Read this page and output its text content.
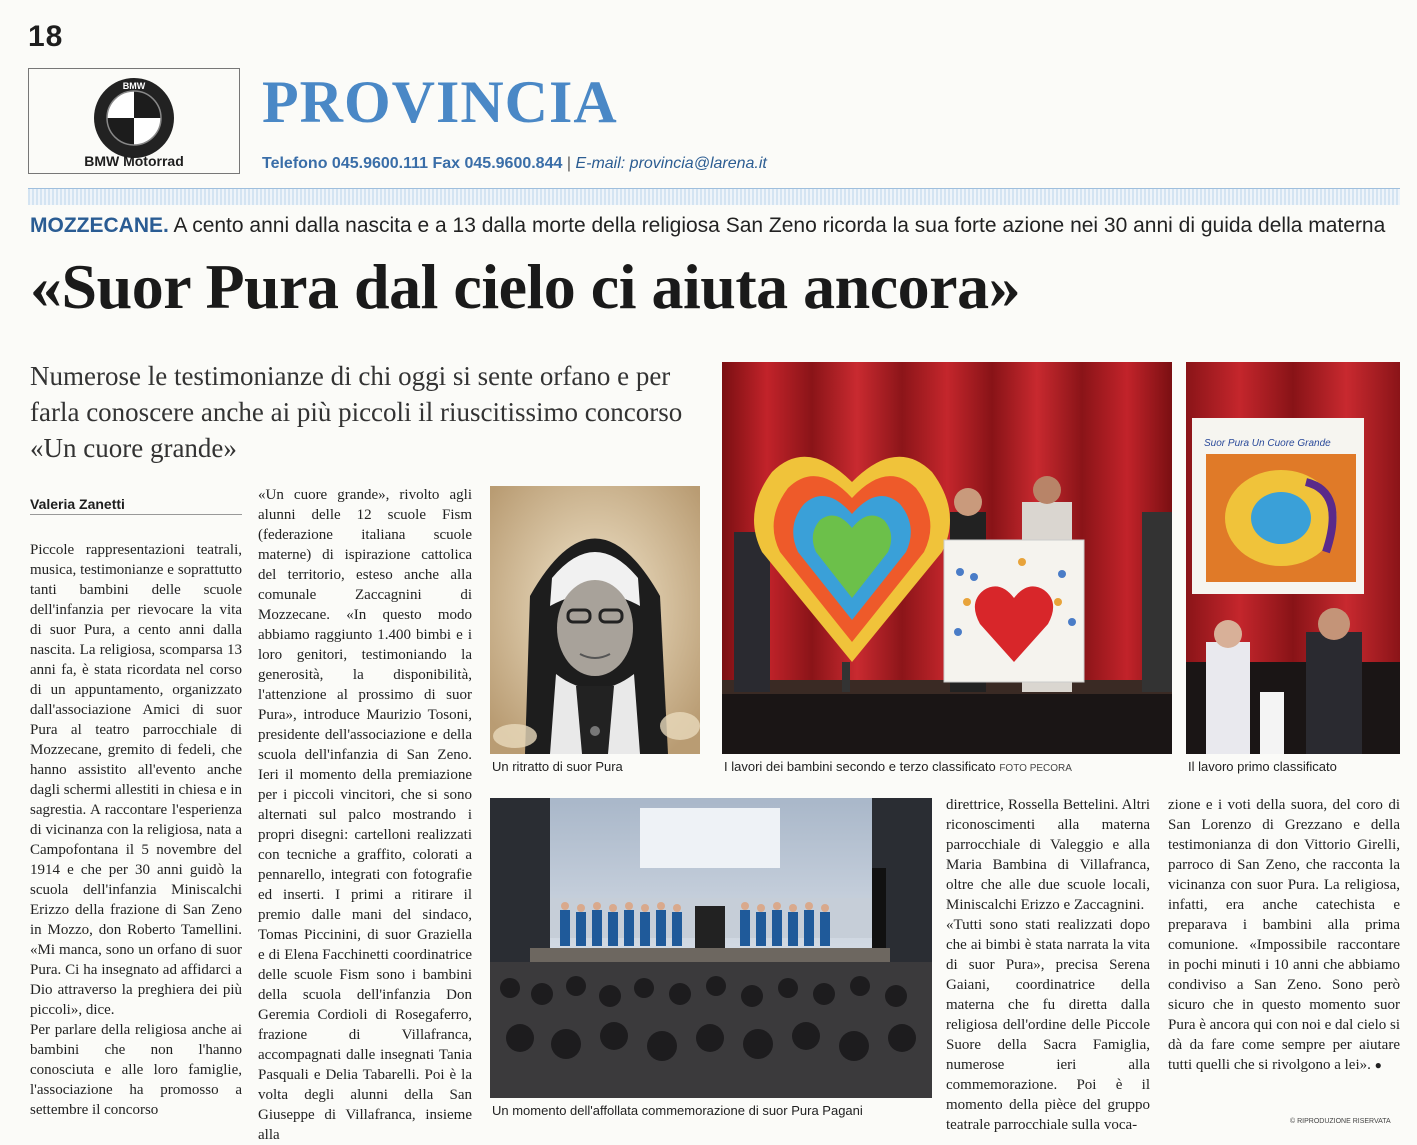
18
BMW
BMW Motorrad
PROVINCIA
Telefono 045.9600.111 Fax 045.9600.844 | E-mail: provincia@larena.it
MOZZECANE. A cento anni dalla nascita e a 13 dalla morte della religiosa San Zeno ricorda la sua forte azione nei 30 anni di guida della materna
«Suor Pura dal cielo ci aiuta ancora»
Numerose le testimonianze di chi oggi si sente orfano e per farla conoscere anche ai più piccoli il riuscitissimo concorso «Un cuore grande»
Valeria Zanetti

Piccole rappresentazioni teatrali, musica, testimonianze e soprattutto tanti bambini delle scuole dell'infanzia per rievocare la vita di suor Pura, a cento anni dalla nascita. La religiosa, scomparsa 13 anni fa, è stata ricordata nel corso di un appuntamento, organizzato dall'associazione Amici di suor Pura al teatro parrocchiale di Mozzecane, gremito di fedeli, che hanno assistito all'evento anche dagli schermi allestiti in chiesa e in sagrestia. A raccontare l'esperienza di vicinanza con la religiosa, nata a Campofontana il 5 novembre del 1914 e che per 30 anni guidò la scuola dell'infanzia Miniscalchi Erizzo della frazione di San Zeno in Mozzo, don Roberto Tamellini. «Mi manca, sono un orfano di suor Pura. Ci ha insegnato ad affidarci a Dio attraverso la preghiera dei più piccoli», dice.

Per parlare della religiosa anche ai bambini che non l'hanno conosciuta e alle loro famiglie, l'associazione ha promosso a settembre il concorso

«Un cuore grande», rivolto agli alunni delle 12 scuole Fism (federazione italiana scuole materne) di ispirazione cattolica del territorio, esteso anche alla comunale Zaccagnini di Mozzecane. «In questo modo abbiamo raggiunto 1.400 bimbi e i loro genitori, testimoniando la generosità, la disponibilità, l'attenzione al prossimo di suor Pura», introduce Maurizio Tosoni, presidente dell'associazione e della scuola dell'infanzia di San Zeno. Ieri il momento della premiazione per i piccoli vincitori, che si sono alternati sul palco mostrando i propri disegni: cartelloni realizzati con tecniche a graffito, colorati a pennarello, integrati con fotografie ed inserti. I primi a ritirare il premio dalle mani del sindaco, Tomas Piccinini, di suor Graziella e di Elena Facchinetti coordinatrice delle scuole Fism sono i bambini della scuola dell'infanzia Don Geremia Cordioli di Rosegaferro, frazione di Villafranca, accompagnati dalle insegnati Tania Pasquali e Delia Tabarelli. Poi è la volta degli alunni della San Giuseppe di Villafranca, insieme alla

direttrice, Rossella Bettelini. Altri riconoscimenti alla materna parrocchiale di Valeggio e alla Maria Bambina di Villafranca, oltre che alle due scuole locali, Miniscalchi Erizzo e Zaccagnini.

«Tutti sono stati realizzati dopo che ai bimbi è stata narrata la vita di suor Pura», precisa Serena Gaiani, coordinatrice della materna che fu diretta dalla religiosa dell'ordine delle Piccole Suore della Sacra Famiglia, numerose ieri alla commemorazione. Poi è il momento della pièce del gruppo teatrale parrocchiale sulla voca-

zione e i voti della suora, del coro di San Lorenzo di Grezzano e della testimonianza di don Vittorio Girelli, parroco di San Zeno, che racconta la vicinanza con suor Pura. La religiosa, infatti, era anche catechista e preparava i bambini alla prima comunione. «Impossibile raccontare in pochi minuti i 10 anni che abbiamo condiviso a San Zeno. Sono però sicuro che in questo momento suor Pura è ancora qui con noi e dal cielo si dà da fare come sempre per aiutare tutti quelli che si rivolgono a lei». ●

Un ritratto di suor Pura	I lavori dei bambini secondo e terzo classificato FOTO PECORA
Suor Pura Un Cuore Grande
Il lavoro primo classificato
Un momento dell'affollata commemorazione di suor Pura Pagani
© RIPRODUZIONE RISERVATA
